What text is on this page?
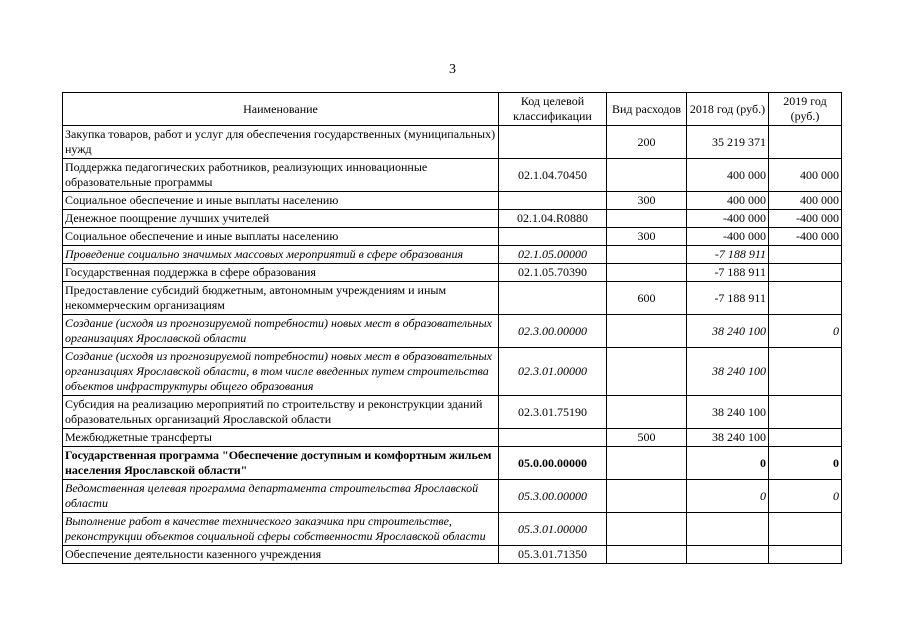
3
Наименование	Код целевой классификации	Вид расходов	2018 год (руб.)	2019 год (руб.)
Закупка товаров, работ и услуг для обеспечения государственных (муниципальных) нужд		200	35 219 371	
Поддержка педагогических работников, реализующих инновационные образовательные программы	02.1.04.70450		400 000	400 000
Социальное обеспечение и иные выплаты населению		300	400 000	400 000
Денежное поощрение лучших учителей	02.1.04.R0880		-400 000	-400 000
Социальное обеспечение и иные выплаты населению		300	-400 000	-400 000
Проведение социально значимых массовых мероприятий в сфере образования	02.1.05.00000		-7 188 911	
Государственная поддержка в сфере образования	02.1.05.70390		-7 188 911	
Предоставление субсидий бюджетным, автономным учреждениям и иным некоммерческим организациям		600	-7 188 911	
Создание (исходя из прогнозируемой потребности) новых мест в образовательных организациях Ярославской области	02.3.00.00000		38 240 100	0
Создание (исходя из прогнозируемой потребности) новых мест в образовательных организациях Ярославской области, в том числе введенных путем строительства объектов инфраструктуры общего образования	02.3.01.00000		38 240 100	
Субсидия на реализацию мероприятий по строительству и реконструкции зданий образовательных организаций Ярославской области	02.3.01.75190		38 240 100	
Межбюджетные трансферты		500	38 240 100	
Государственная программа "Обеспечение доступным и комфортным жильем населения Ярославской области"	05.0.00.00000		0	0
Ведомственная целевая программа департамента строительства Ярославской области	05.3.00.00000		0	0
Выполнение работ в качестве технического заказчика при строительстве, реконструкции объектов социальной сферы собственности Ярославской области	05.3.01.00000			
Обеспечение деятельности казенного учреждения	05.3.01.71350			
